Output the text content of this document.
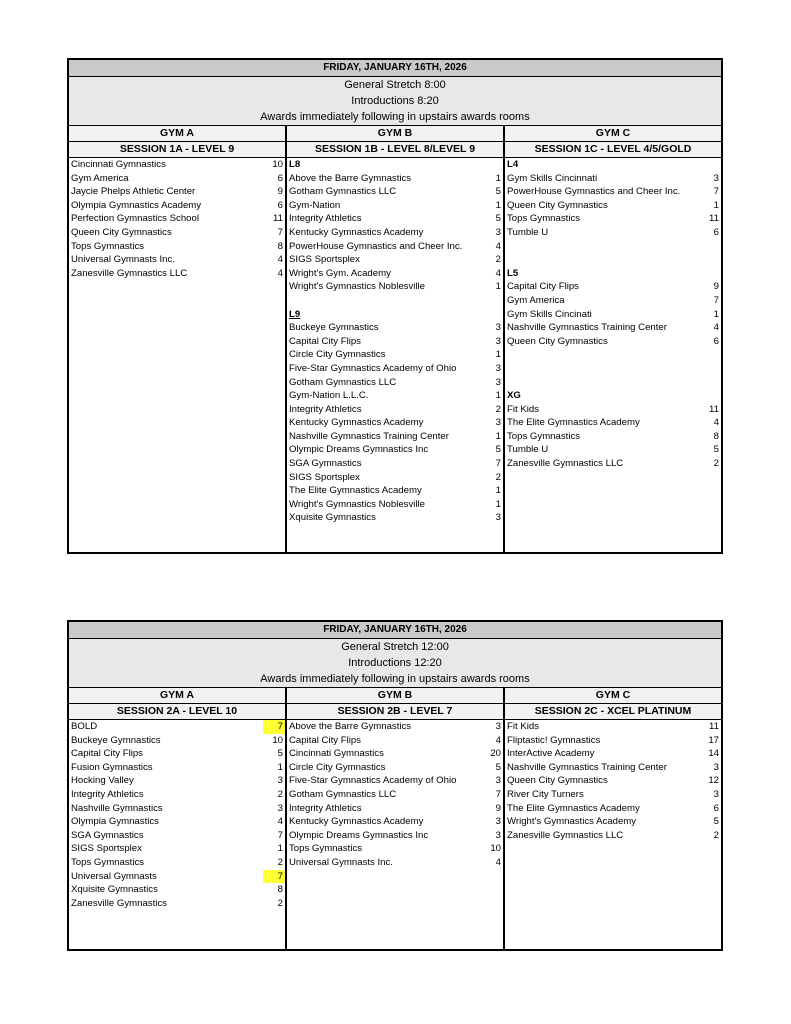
FRIDAY, JANUARY 16TH, 2026
General Stretch 8:00
Introductions 8:20
Awards immediately following in upstairs awards rooms
GYM A	GYM B	GYM C
SESSION 1A - LEVEL 9	SESSION 1B - LEVEL 8/LEVEL 9	SESSION 1C - LEVEL 4/5/GOLD
Cincinnati Gymnastics	10
Gym America	6
Jaycie Phelps Athletic Center	9
Olympia Gymnastics Academy	6
Perfection Gymnastics School	11
Queen City Gymnastics	7
Tops Gymnastics	8
Universal Gymnasts Inc.	4
Zanesville Gymnastics LLC	4
L8
Above the Barre Gymnastics	1
Gotham Gymnastics LLC	5
Gym-Nation	1
Integrity Athletics	5
Kentucky Gymnastics Academy	3
PowerHouse Gymnastics and Cheer Inc.	4
SIGS Sportsplex	2
Wright's Gym. Academy	4
Wright's Gymnastics Noblesville	1
L9
Buckeye Gymnastics	3
Capital City Flips	3
Circle City Gymnastics	1
Five-Star Gymnastics Academy of Ohio	3
Gotham Gymnastics LLC	3
Gym-Nation L.L.C.	1
Integrity Athletics	2
Kentucky Gymnastics Academy	3
Nashville Gymnastics Training Center	1
Olympic Dreams Gymnastics Inc	5
SGA Gymnastics	7
SIGS Sportsplex	2
The Elite Gymnastics Academy	1
Wright's Gymnastics Noblesville	1
Xquisite Gymnastics	3
L4
Gym Skills Cincinnati	3
PowerHouse Gymnastics and Cheer Inc.	7
Queen City Gymnastics	1
Tops Gymnastics	11
Tumble U	6
L5
Capital City Flips	9
Gym America	7
Gym Skills Cincinati	1
Nashville Gymnastics Training Center	4
Queen City Gymnastics	6
XG
Fit Kids	11
The Elite Gymnastics Academy	4
Tops Gymnastics	8
Tumble U	5
Zanesville Gymnastics LLC	2
FRIDAY, JANUARY 16TH, 2026
General Stretch 12:00
Introductions 12:20
Awards immediately following in upstairs awards rooms
GYM A	GYM B	GYM C
SESSION 2A - LEVEL 10	SESSION 2B - LEVEL 7	SESSION 2C - XCEL PLATINUM
BOLD	7
Buckeye Gymnastics	10
Capital City Flips	5
Fusion Gymnastics	1
Hocking Valley	3
Integrity Athletics	2
Nashville Gymnastics	3
Olympia Gymnastics	4
SGA Gymnastics	7
SIGS Sportsplex	1
Tops Gymnastics	2
Universal Gymnasts	7
Xquisite Gymnastics	8
Zanesville Gymnastics	2
Above the Barre Gymnastics	3
Capital City Flips	4
Cincinnati Gymnastics	20
Circle City Gymnastics	5
Five-Star Gymnastics Academy of Ohio	3
Gotham Gymnastics LLC	7
Integrity Athletics	9
Kentucky Gymnastics Academy	3
Olympic Dreams Gymnastics Inc	3
Tops Gymnastics	10
Universal Gymnasts Inc.	4
Fit Kids	11
Fliptastic! Gymnastics	17
InterActive Academy	14
Nashville Gymnastics Training Center	3
Queen City Gymnastics	12
River City Turners	3
The Elite Gymnastics Academy	6
Wright's Gymnastics Academy	5
Zanesville Gymnastics LLC	2
